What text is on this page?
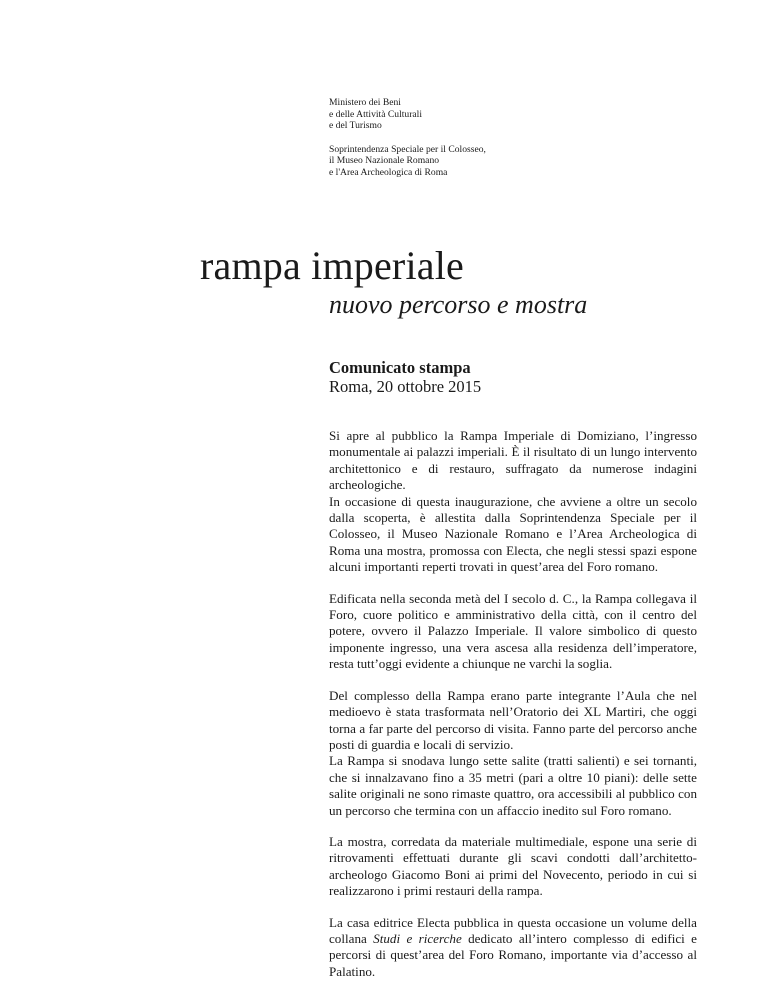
Ministero dei Beni
e delle Attività Culturali
e del Turismo
Soprintendenza Speciale per il Colosseo,
il Museo Nazionale Romano
e l'Area Archeologica di Roma
rampa imperiale
nuovo percorso e mostra
Comunicato stampa
Roma, 20 ottobre 2015

Si apre al pubblico la Rampa Imperiale di Domiziano, l’ingresso monumentale ai palazzi imperiali. È il risultato di un lungo intervento architettonico e di restauro, suffragato da numerose indagini archeologiche.
In occasione di questa inaugurazione, che avviene a oltre un secolo dalla scoperta, è allestita dalla Soprintendenza Speciale per il Colosseo, il Museo Nazionale Romano e l’Area Archeologica di Roma una mostra, promossa con Electa, che negli stessi spazi espone alcuni importanti reperti trovati in quest’area del Foro romano.

Edificata nella seconda metà del I secolo d. C., la Rampa collegava il Foro, cuore politico e amministrativo della città, con il centro del potere, ovvero il Palazzo Imperiale. Il valore simbolico di questo imponente ingresso, una vera ascesa alla residenza dell’imperatore, resta tutt’oggi evidente a chiunque ne varchi la soglia.

Del complesso della Rampa erano parte integrante l’Aula che nel medioevo è stata trasformata nell’Oratorio dei XL Martiri, che oggi torna a far parte del percorso di visita. Fanno parte del percorso anche posti di guardia e locali di servizio.
La Rampa si snodava lungo sette salite (tratti salienti) e sei tornanti, che si innalzavano fino a 35 metri (pari a oltre 10 piani): delle sette salite originali ne sono rimaste quattro, ora accessibili al pubblico con un percorso che termina con un affaccio inedito sul Foro romano.

La mostra, corredata da materiale multimediale, espone una serie di ritrovamenti effettuati durante gli scavi condotti dall’architetto-archeologo Giacomo Boni ai primi del Novecento, periodo in cui si realizzarono i primi restauri della rampa.

La casa editrice Electa pubblica in questa occasione un volume della collana Studi e ricerche dedicato all’intero complesso di edifici e percorsi di quest’area del Foro Romano, importante via d’accesso al Palatino.
